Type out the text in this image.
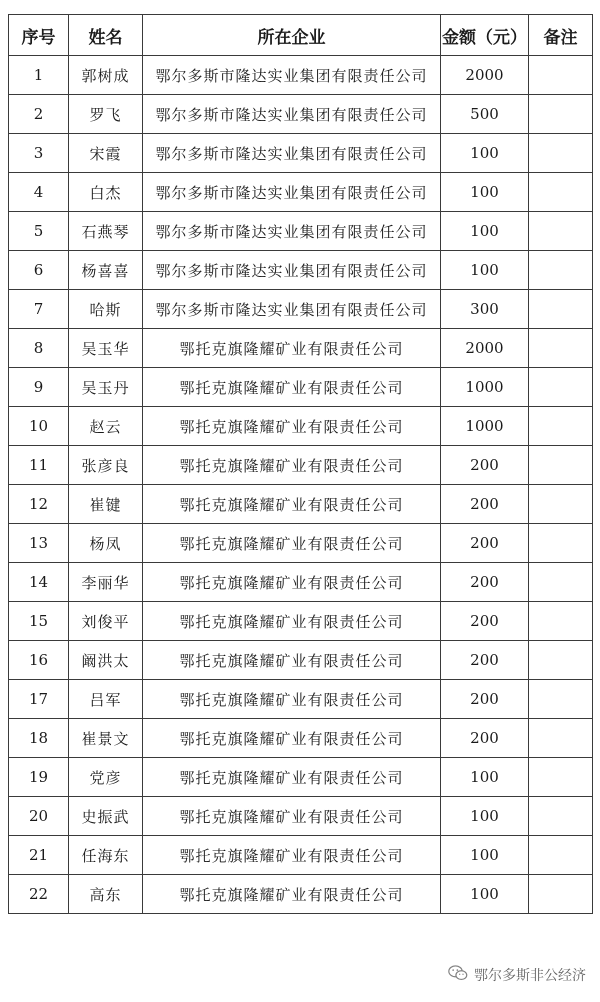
序号	姓名	所在企业	金额（元）	备注
1	郭树成	鄂尔多斯市隆达实业集团有限责任公司	2000	
2	罗飞	鄂尔多斯市隆达实业集团有限责任公司	500	
3	宋霞	鄂尔多斯市隆达实业集团有限责任公司	100	
4	白杰	鄂尔多斯市隆达实业集团有限责任公司	100	
5	石燕琴	鄂尔多斯市隆达实业集团有限责任公司	100	
6	杨喜喜	鄂尔多斯市隆达实业集团有限责任公司	100	
7	哈斯	鄂尔多斯市隆达实业集团有限责任公司	300	
8	吴玉华	鄂托克旗隆耀矿业有限责任公司	2000	
9	吴玉丹	鄂托克旗隆耀矿业有限责任公司	1000	
10	赵云	鄂托克旗隆耀矿业有限责任公司	1000	
11	张彦良	鄂托克旗隆耀矿业有限责任公司	200	
12	崔键	鄂托克旗隆耀矿业有限责任公司	200	
13	杨凤	鄂托克旗隆耀矿业有限责任公司	200	
14	李丽华	鄂托克旗隆耀矿业有限责任公司	200	
15	刘俊平	鄂托克旗隆耀矿业有限责任公司	200	
16	阚洪太	鄂托克旗隆耀矿业有限责任公司	200	
17	吕军	鄂托克旗隆耀矿业有限责任公司	200	
18	崔景文	鄂托克旗隆耀矿业有限责任公司	200	
19	党彦	鄂托克旗隆耀矿业有限责任公司	100	
20	史振武	鄂托克旗隆耀矿业有限责任公司	100	
21	任海东	鄂托克旗隆耀矿业有限责任公司	100	
22	高东	鄂托克旗隆耀矿业有限责任公司	100	
鄂尔多斯非公经济
